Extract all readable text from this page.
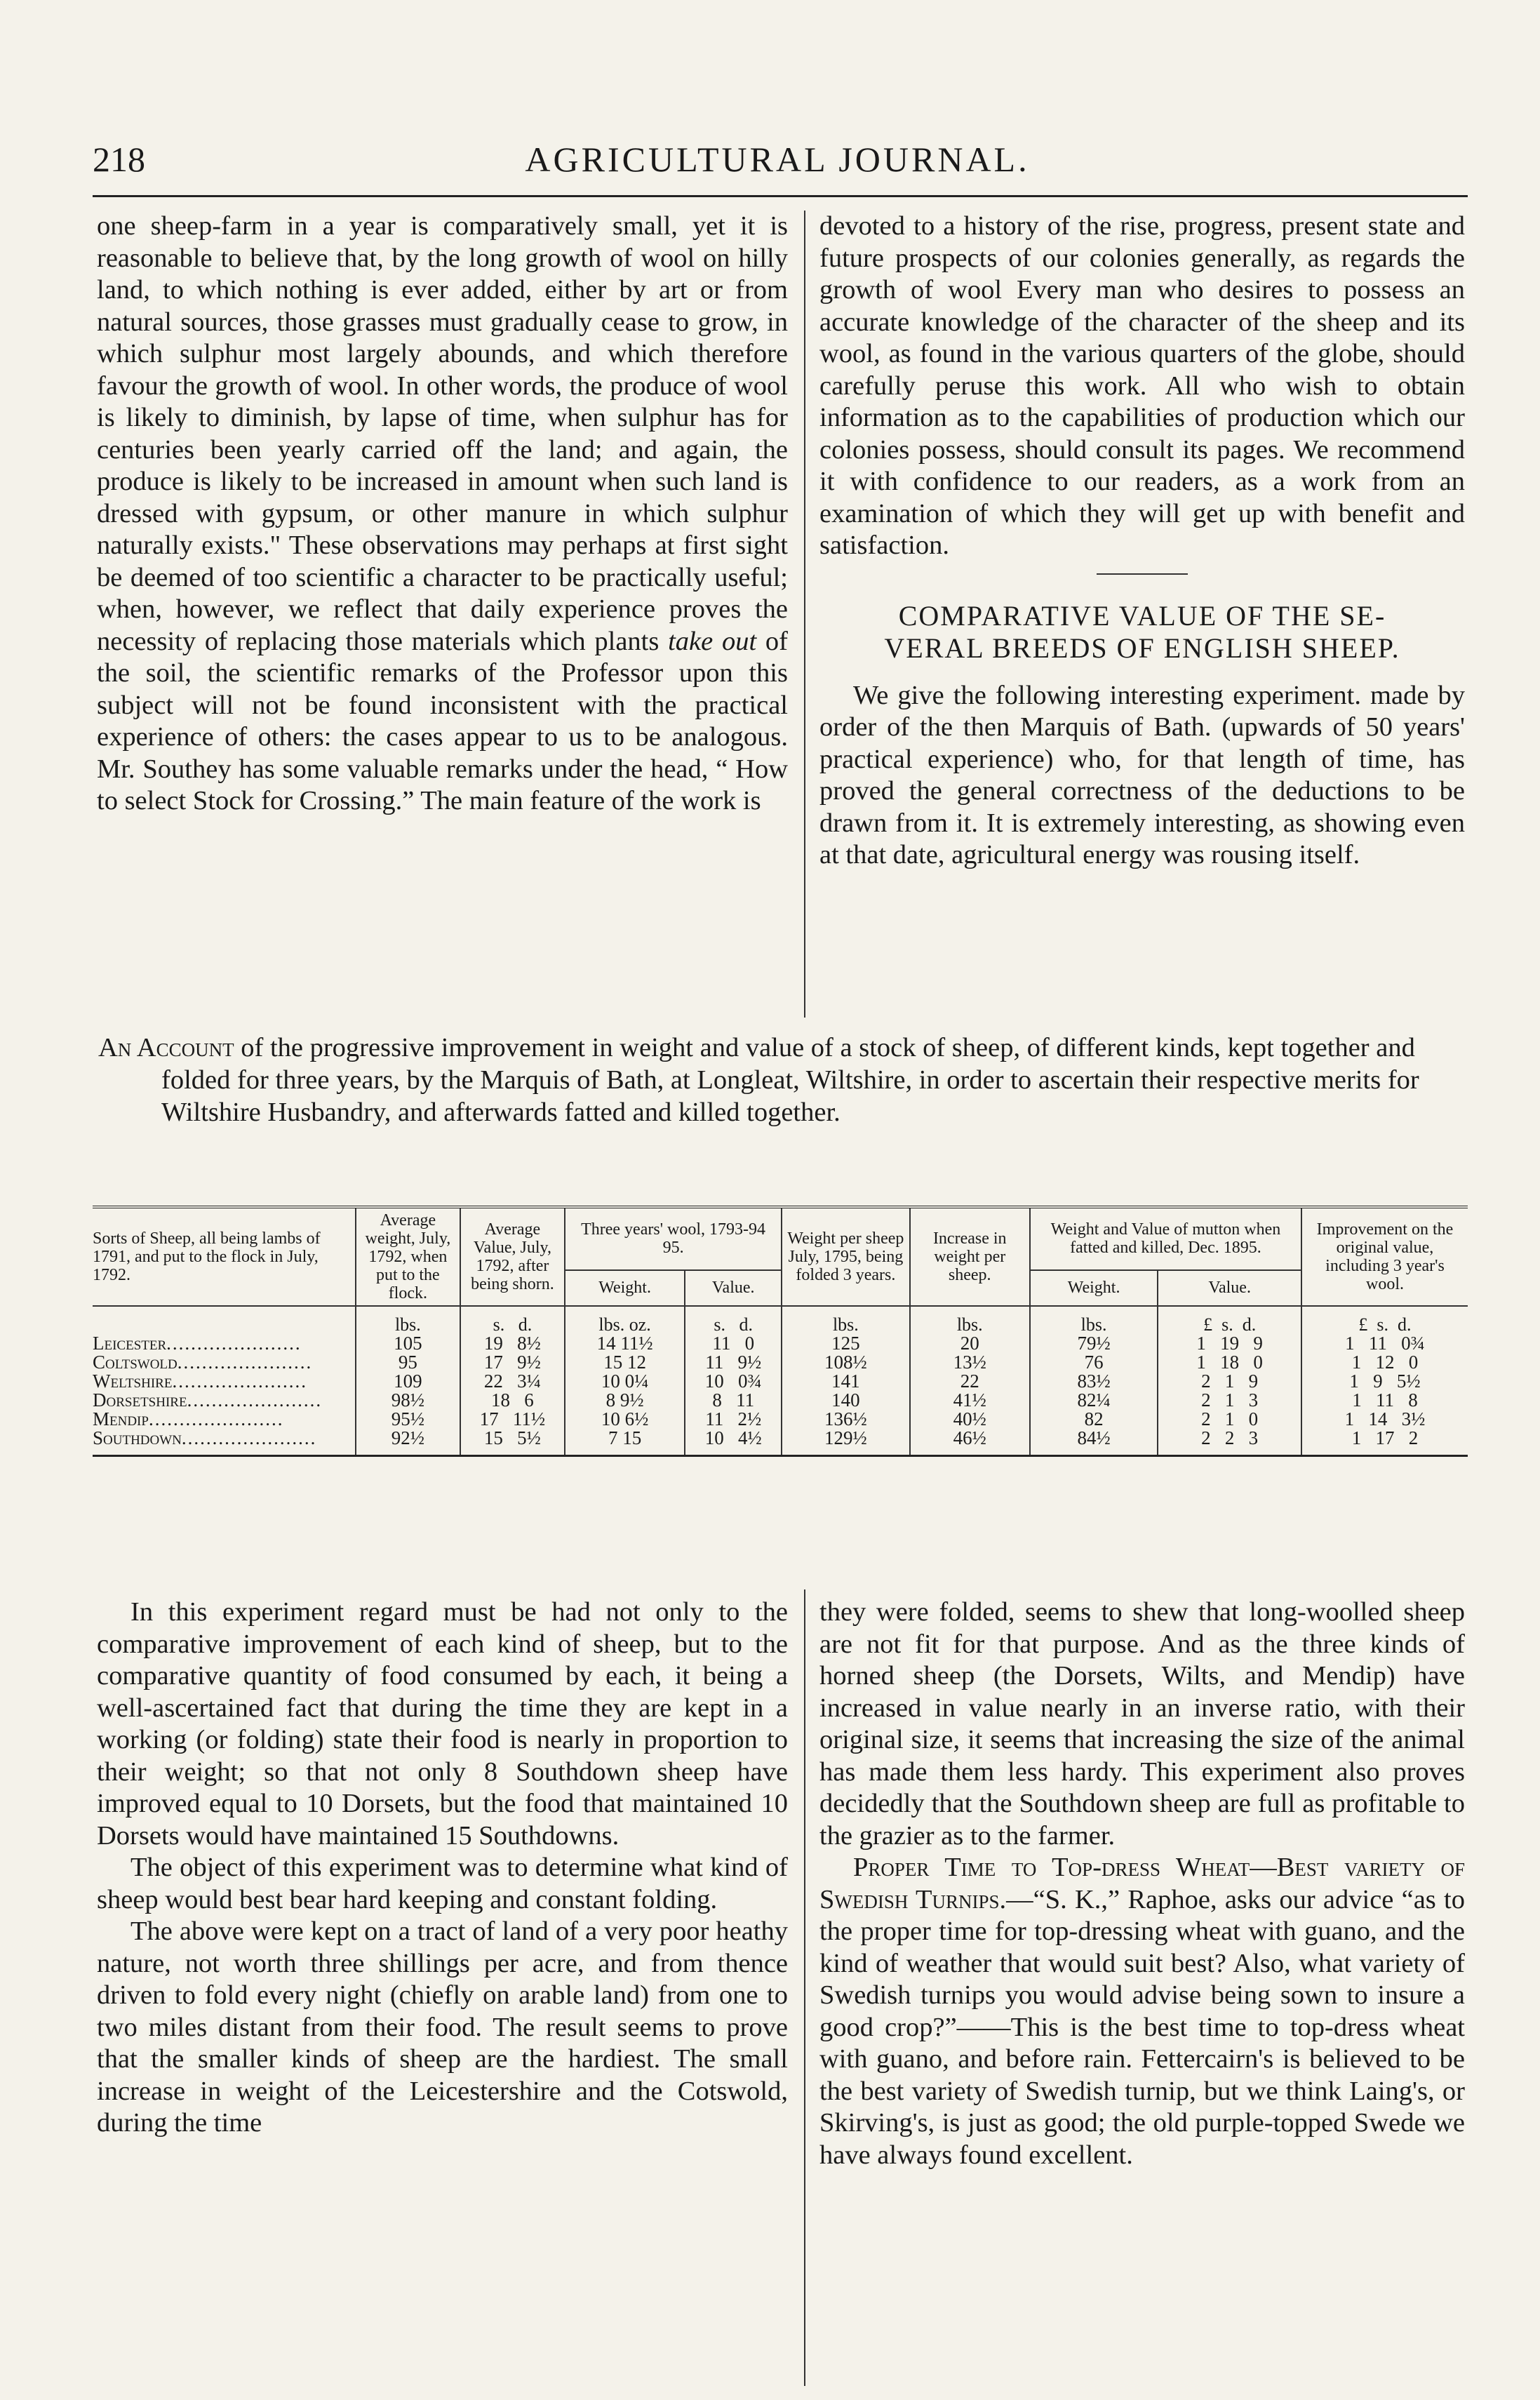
218	AGRICULTURAL JOURNAL.

one sheep-farm in a year is comparatively small, yet it is reasonable to believe that, by the long growth of wool on hilly land, to which nothing is ever added, either by art or from natural sources, those grasses must gradually cease to grow, in which sulphur most largely abounds, and which therefore favour the growth of wool. In other words, the produce of wool is likely to diminish, by lapse of time, when sulphur has for centuries been yearly carried off the land; and again, the produce is likely to be increased in amount when such land is dressed with gypsum, or other manure in which sulphur naturally exists." These observations may perhaps at first sight be deemed of too scientific a character to be practically useful; when, however, we reflect that daily experience proves the necessity of replacing those materials which plants take out of the soil, the scientific remarks of the Professor upon this subject will not be found inconsistent with the practical experience of others: the cases appear to us to be analogous. Mr. Southey has some valuable remarks under the head, “ How to select Stock for Crossing.” The main feature of the work is

devoted to a history of the rise, progress, present state and future prospects of our colonies generally, as regards the growth of wool Every man who desires to possess an accurate knowledge of the character of the sheep and its wool, as found in the various quarters of the globe, should carefully peruse this work. All who wish to obtain information as to the capabilities of production which our colonies possess, should consult its pages. We recommend it with confidence to our readers, as a work from an examination of which they will get up with benefit and satisfaction.

COMPARATIVE VALUE OF THE SE-

VERAL BREEDS OF ENGLISH SHEEP.

We give the following interesting experiment. made by order of the then Marquis of Bath. (upwards of 50 years' practical experience) who, for that length of time, has proved the general correctness of the deductions to be drawn from it. It is extremely interesting, as showing even at that date, agricultural energy was rousing itself.

An Account of the progressive improvement in weight and value of a stock of sheep, of different kinds, kept together and folded for three years, by the Marquis of Bath, at Longleat, Wiltshire, in order to ascertain their respective merits for Wiltshire Husbandry, and afterwards fatted and killed together.

Sorts of Sheep, all being lambs of 1791, and put to the flock in July, 1792.	Average weight, July, 1792, when put to the flock.	Average Value, July, 1792, after being shorn.	Three years' wool, 1793-94 95.		Weight per sheep July, 1795, being folded 3 years.	Increase in weight per sheep.	Weight and Value of mutton when fatted and killed, Dec. 1895.		Improvement on the original value, including 3 year's wool.
			Weight.	Value.			Weight.	Value.	
	lbs.	s. d.	lbs. oz.	s. d.	lbs.	lbs.	lbs.	£ s. d.	£ s. d.
Leicester......................	105	19 8½	14 11½	11 0	125	20	79½	1 19 9	1 11 0¾
Coltswold......................	95	17 9½	15 12	11 9½	108½	13½	76	1 18 0	1 12 0
Weltshire......................	109	22 3¼	10 0¼	10 0¾	141	22	83½	2 1 9	1 9 5½
Dorsetshire......................	98½	18 6	8 9½	8 11	140	41½	82¼	2 1 3	1 11 8
Mendip......................	95½	17 11½	10 6½	11 2½	136½	40½	82	2 1 0	1 14 3½
Southdown......................	92½	15 5½	7 15	10 4½	129½	46½	84½	2 2 3	1 17 2

In this experiment regard must be had not only to the comparative improvement of each kind of sheep, but to the comparative quantity of food consumed by each, it being a well-ascertained fact that during the time they are kept in a working (or folding) state their food is nearly in proportion to their weight; so that not only 8 Southdown sheep have improved equal to 10 Dorsets, but the food that maintained 10 Dorsets would have maintained 15 Southdowns.

The object of this experiment was to determine what kind of sheep would best bear hard keeping and constant folding.

The above were kept on a tract of land of a very poor heathy nature, not worth three shillings per acre, and from thence driven to fold every night (chiefly on arable land) from one to two miles distant from their food. The result seems to prove that the smaller kinds of sheep are the hardiest. The small increase in weight of the Leicestershire and the Cotswold, during the time

they were folded, seems to shew that long-woolled sheep are not fit for that purpose. And as the three kinds of horned sheep (the Dorsets, Wilts, and Mendip) have increased in value nearly in an inverse ratio, with their original size, it seems that increasing the size of the animal has made them less hardy. This experiment also proves decidedly that the Southdown sheep are full as profitable to the grazier as to the farmer.

Proper Time to Top-dress Wheat—Best variety of Swedish Turnips.—“S. K.,” Raphoe, asks our advice “as to the proper time for top-dressing wheat with guano, and the kind of weather that would suit best? Also, what variety of Swedish turnips you would advise being sown to insure a good crop?”——This is the best time to top-dress wheat with guano, and before rain. Fettercairn's is believed to be the best variety of Swedish turnip, but we think Laing's, or Skirving's, is just as good; the old purple-topped Swede we have always found excellent.
